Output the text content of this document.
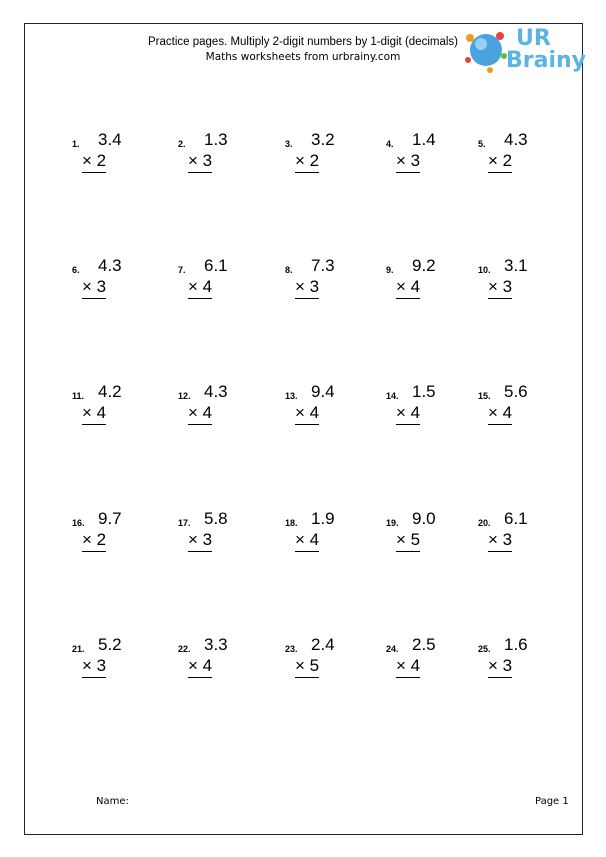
Practice pages. Multiply 2-digit numbers by 1-digit (decimals)
Maths worksheets from urbrainy.com
UR
Brainy
1. 3.4
× 2
2. 1.3
× 3
3. 3.2
× 2
4. 1.4
× 3
5. 4.3
× 2
6. 4.3
× 3
7. 6.1
× 4
8. 7.3
× 3
9. 9.2
× 4
10. 3.1
× 3
11. 4.2
× 4
12. 4.3
× 4
13. 9.4
× 4
14. 1.5
× 4
15. 5.6
× 4
16. 9.7
× 2
17. 5.8
× 3
18. 1.9
× 4
19. 9.0
× 5
20. 6.1
× 3
21. 5.2
× 3
22. 3.3
× 4
23. 2.4
× 5
24. 2.5
× 4
25. 1.6
× 3
Name:	Page 1
